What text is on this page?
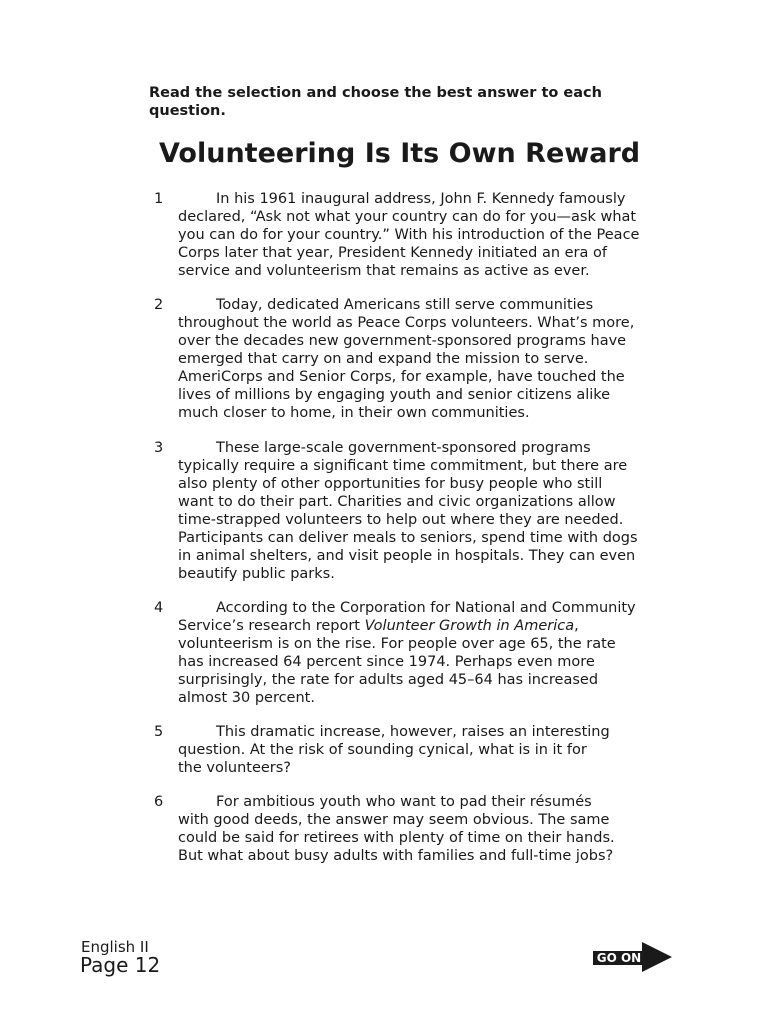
Read the selection and choose the best answer to each question.

Volunteering Is Its Own Reward
1	In his 1961 inaugural address, John F. Kennedy famously
declared, “Ask not what your country can do for you—ask what
you can do for your country.” With his introduction of the Peace
Corps later that year, President Kennedy initiated an era of
service and volunteerism that remains as active as ever.
2	Today, dedicated Americans still serve communities
throughout the world as Peace Corps volunteers. What’s more,
over the decades new government-sponsored programs have
emerged that carry on and expand the mission to serve.
AmeriCorps and Senior Corps, for example, have touched the
lives of millions by engaging youth and senior citizens alike
much closer to home, in their own communities.
3	These large-scale government-sponsored programs
typically require a significant time commitment, but there are
also plenty of other opportunities for busy people who still
want to do their part. Charities and civic organizations allow
time-strapped volunteers to help out where they are needed.
Participants can deliver meals to seniors, spend time with dogs
in animal shelters, and visit people in hospitals. They can even
beautify public parks.
4	According to the Corporation for National and Community
Service’s research report Volunteer Growth in America,
volunteerism is on the rise. For people over age 65, the rate
has increased 64 percent since 1974. Perhaps even more
surprisingly, the rate for adults aged 45–64 has increased
almost 30 percent.
5	This dramatic increase, however, raises an interesting
question. At the risk of sounding cynical, what is in it for
the volunteers?
6	For ambitious youth who want to pad their résumés
with good deeds, the answer may seem obvious. The same
could be said for retirees with plenty of time on their hands.
But what about busy adults with families and full-time jobs?
English II
Page 12	GO ON
